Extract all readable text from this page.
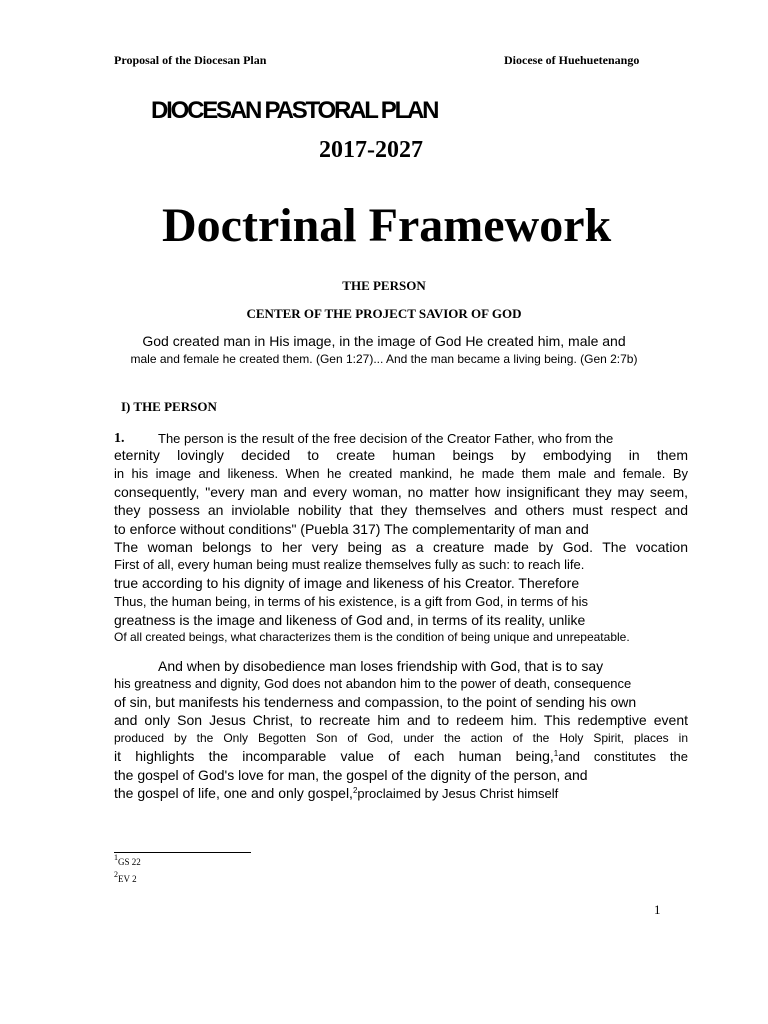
Proposal of the Diocesan Plan	Diocese of Huehuetenango
DIOCESAN PASTORAL PLAN
2017-2027
Doctrinal Framework
THE PERSON
CENTER OF THE PROJECT SAVIOR OF GOD
God created man in His image, in the image of God He created him, male and
male and female he created them. (Gen 1:27)... And the man became a living being. (Gen 2:7b)
I) THE PERSON
1.	The person is the result of the free decision of the Creator Father, who from the
eternity lovingly decided to create human beings by embodying in them
in his image and likeness. When he created mankind, he made them male and female. By
consequently, "every man and every woman, no matter how insignificant they may seem,
they possess an inviolable nobility that they themselves and others must respect and
to enforce without conditions" (Puebla 317) The complementarity of man and
The woman belongs to her very being as a creature made by God. The vocation
First of all, every human being must realize themselves fully as such: to reach life.
true according to his dignity of image and likeness of his Creator. Therefore
Thus, the human being, in terms of his existence, is a gift from God, in terms of his
greatness is the image and likeness of God and, in terms of its reality, unlike
Of all created beings, what characterizes them is the condition of being unique and unrepeatable.
And when by disobedience man loses friendship with God, that is to say
his greatness and dignity, God does not abandon him to the power of death, consequence
of sin, but manifests his tenderness and compassion, to the point of sending his own
and only Son Jesus Christ, to recreate him and to redeem him. This redemptive event
produced by the Only Begotten Son of God, under the action of the Holy Spirit, places in
it highlights the incomparable value of each human being,$^1$and constitutes the
the gospel of God's love for man, the gospel of the dignity of the person, and
the gospel of life, one and only gospel,$^2$proclaimed by Jesus Christ himself
$^1$GS 22
$^2$EV 2
1
